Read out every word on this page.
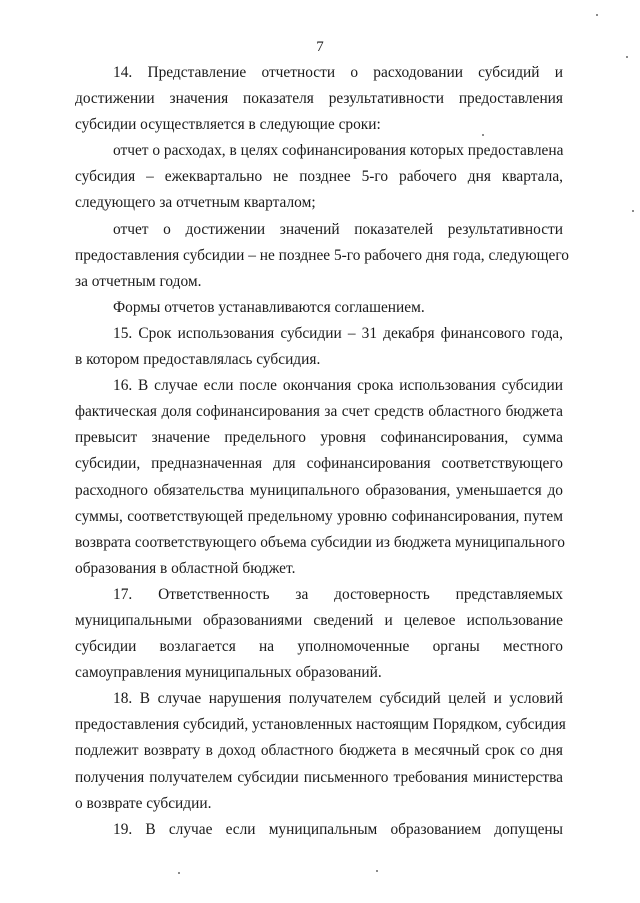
7

14. Представление отчетности о расходовании субсидий и

достижении значения показателя результативности предоставления

субсидии осуществляется в следующие сроки:

отчет о расходах, в целях софинансирования которых предоставлена

субсидия – ежеквартально не позднее 5-го рабочего дня квартала,

следующего за отчетным кварталом;

отчет о достижении значений показателей результативности

предоставления субсидии – не позднее 5-го рабочего дня года, следующего

за отчетным годом.

Формы отчетов устанавливаются соглашением.

15. Срок использования субсидии – 31 декабря финансового года,

в котором предоставлялась субсидия.

16. В случае если после окончания срока использования субсидии

фактическая доля софинансирования за счет средств областного бюджета

превысит значение предельного уровня софинансирования, сумма

субсидии, предназначенная для софинансирования соответствующего

расходного обязательства муниципального образования, уменьшается до

суммы, соответствующей предельному уровню софинансирования, путем

возврата соответствующего объема субсидии из бюджета муниципального

образования в областной бюджет.

17. Ответственность за достоверность представляемых

муниципальными образованиями сведений и целевое использование

субсидии возлагается на уполномоченные органы местного

самоуправления муниципальных образований.

18. В случае нарушения получателем субсидий целей и условий

предоставления субсидий, установленных настоящим Порядком, субсидия

подлежит возврату в доход областного бюджета в месячный срок со дня

получения получателем субсидии письменного требования министерства

о возврате субсидии.

19. В случае если муниципальным образованием допущены
